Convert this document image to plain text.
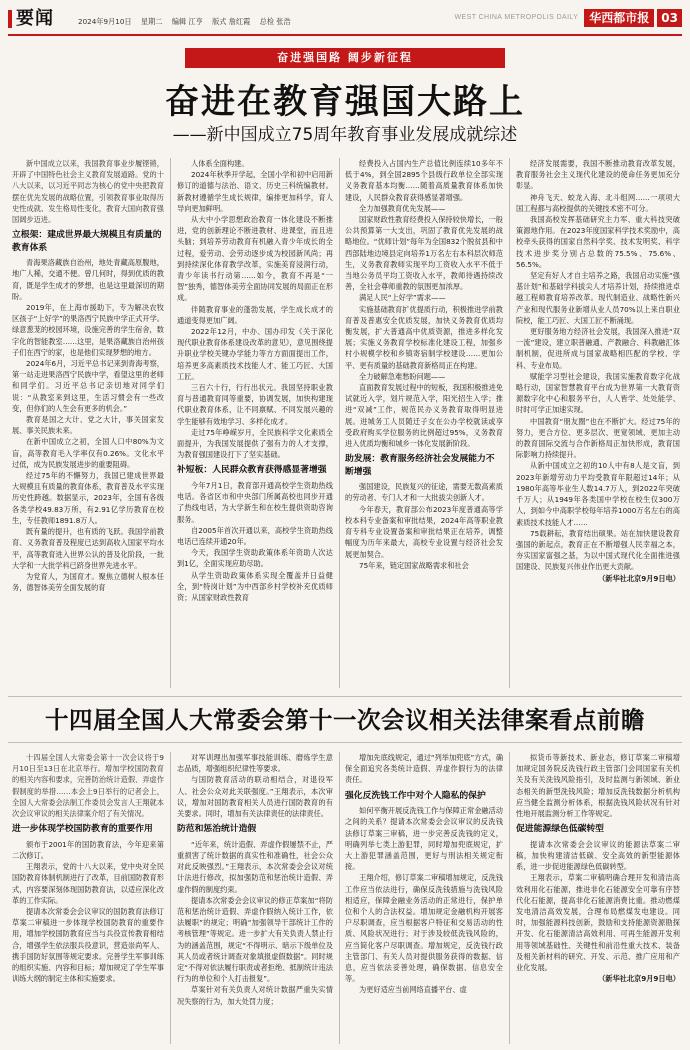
要闻	2024年9月10日 星期二 编辑 江亨 版式 詹红霞 总检 张浩	WEST CHINA METROPOLIS DAILY 华西都市报	03
奋进强国路 阔步新征程
奋进在教育强国大路上
——新中国成立75周年教育事业发展成就综述

新中国成立以来，我国教育事业步履铿锵，开辟了中国特色社会主义教育发展道路。党的十八大以来，以习近平同志为核心的党中央把教育摆在优先发展的战略位置，引领教育事业取得历史性成就、发生格局性变化，教育大国向教育强国阔步迈进。

立根架：建成世界最大规模且有质量的教育体系

青海果洛藏族自治州，地处青藏高原腹地，地广人稀，交通不便。曾几何时，得到优质的教育，既是学生成才的梦想，也是这里最深切的期盼。

2019年，在上海市援助下，专为解决农牧区孩子“上好学”的果洛西宁民族中学正式开学。绿意葱茏的校园环境，设施完善的学生宿舍，数字化的智能教室……这里，是果洛藏族自治州孩子们在西宁的家，也是他们实现梦想的地方。

2024年6月，习近平总书记来到青海考察，第一站走进果洛西宁民族中学，看望这里的老师和同学们。习近平总书记亲切地对同学们说：“从教室来到这里，生活习惯会有一些改变，但你们的人生会有更多的机会。”

教育是国之大计、党之大计，事关国家发展、事关民族未来。

在新中国成立之初，全国人口中80%为文盲，高等教育毛入学率仅有0.26%。文化水平过低，成为民族发展进步的重要阻碍。

经过75年的不懈努力，我国已建成世界最大规模且有质量的教育体系，教育普及水平实现历史性跨越。数据显示，2023年，全国有各级各类学校49.83万所，有2.91亿学历教育在校生，专任教师1891.8万人。

既有量的提升，也有质的飞跃。我国学前教育、义务教育普及程度已达到高收入国家平均水平，高等教育进入世界公认的普及化阶段，一批大学和一大批学科已跻身世界先进水平。

为党育人，为国育才。聚焦立德树人根本任务，德智体美劳全面发展的育

人体系全面构建。

2024年秋季开学起，全国小学和初中启用新修订的道德与法治、语文、历史三科统编教材。新教材遵循学生成长规律，编排更加科学，育人导向更加鲜明。

从大中小学思想政治教育一体化建设不断推进，党的创新理论不断进教材、进课堂，而且进头脑；到培养劳动教育有机融入青少年成长的全过程，爱劳动、会劳动逐步成为校园新风尚；再到持续深化体育教学改革，实施美育浸润行动，青少年读书行动第……如今，教育不再是“一智”独秀，德智体美劳全面协同发展的局面正在形成。

伴随教育事业的蓬勃发展，学生成长成才的通道变得更加广阔。

2022年12月，中办、国办印发《关于深化现代职业教育体系建设改革的意见》，意见围绕提升职业学校关键办学能力等方方面面提出工作，培养更多高素质技术技能人才、能工巧匠、大国工匠。

三百六十行，行行出状元。我国坚持职业教育与普通教育同等重要，协调发展，加快构建现代职业教育体系，让不同禀赋、不同发展兴趣的学生能够有效地学习、多样化成才。

走过75年峥嵘岁月，全民族科学文化素质全面提升，为我国发展提供了强有力的人才支撑，为教育强国建设打下了坚实基础。

补短板：人民群众教育获得感显著增强

今年7月1日，教育部开通高校学生资助热线电话。各省区市和中央部门所属高校也同步开通了热线电话，为大学新生和在校生提供资助咨询服务。

自2005年首次开通以来，高校学生资助热线电话已连续开通20年。

今天，我国学生资助政策体系年资助人次达到1亿，全面实现应助尽助。

从学生资助政策体系实现全覆盖并日益健全，到“特岗计划”为中西部乡村学校补充优质师资；从国家财政性教育

经费投入占国内生产总值比例连续10多年不低于4%，到全国2895个县级行政单位全部实现义务教育基本均衡……随着高质量教育体系加快建设，人民群众教育获得感显著增强。

全力加强教育优先发展——

国家财政性教育经费投入保持较快增长，一般公共预算第一大支出，巩固了教育优先发展的战略地位。“优师计划”每年为全国832个脱贫县和中西部陆地边境县定向培养1万名左右本科层次师范生，义务教育教师实现平均工资收入水平不低于当地公务员平均工资收入水平，教师待遇持续改善，全社会尊师重教的氛围更加浓厚。

满足人民“上好学”需求——

实施基础教育扩优提质行动，积极推进学前教育普及普惠安全优质发展，加快义务教育优质均衡发展，扩大普通高中优质资源，推进多样化发展；实施义务教育学校标准化建设工程，加强乡村小规模学校和乡镇寄宿制学校建设……更加公平、更有质量的基础教育新格局正在构建。

全力破解急难愁盼问题——

直面教育发展过程中的短板，我国积极推进免试就近入学，划片规范入学，阳光招生入学；推进“双减”工作，规范民办义务教育取得明显进展。进城务工人员随迁子女在公办学校就读或享受政府购买学位服务的比例超过95%，义务教育进入优质均衡和城乡一体化发展新阶段。

助发展：教育服务经济社会发展能力不断增强

强国建设，民族复兴的征途，需要无数高素质的劳动者、专门人才和一大批拔尖创新人才。

今年春天，教育部公布2023年度普通高等学校本科专业备案和审批结果，2024年高等职业教育专科专业设置备案和审批结果正在培养，调整幅度为历年来最大，高校专业设置与经济社会发展更加契合。

75年来，链定国家战略需求和社会

经济发展需要，我国不断推动教育改革发展，教育服务社会主义现代化建设的使命任务更加充分彰显。

神舟飞天、蛟龙入海、北斗组网……一项项大国工程都与高校提供的关键技术密不可分。

我国高校发挥基础研究主力军、重大科技突破策源地作用。在2023年度国家科学技术奖励中，高校牵头获得的国家自然科学奖、技术发明奖、科学技术进步奖分别占总数的75.5%、75.6%、56.5%。

坚定有好人才自主培养之路，我国启动实施“强基计划”和基础学科拔尖人才培养计划，持续推进卓越工程师教育培养改革。现代制造业、战略性新兴产业和现代服务业新增从业人员70%以上来自职业院校，能工巧匠、大国工匠不断涌现。

更好服务地方经济社会发展，我国深入推进“双一流”建设，建立职普融通、产教融合、科教融汇体制机制，促进所成与国家战略相匹配的学校、学科、专业布局。

赋能学习型社会建设，我国实施教育数字化战略行动，国家智慧教育平台成为世界第一大教育资源数字化中心和服务平台，人人皆学、处处能学、时时可学正加速实现。

中国教育“朋友圈”也在不断扩大。经过75年的努力，更合方位、更多层次、更宽领域、更加主动的教育国际交流与合作新格局正加快形成，教育国际影响力持续提升。

从新中国成立之初的10人中有8人是文盲，到2023年新增劳动力平均受教育年限超过14年；从1980年高等毕业生人数14.7万人，到2022年突破千万人；从1949年各类国中学校在校生仅300万人，到如今中高职学校每年培养1000万名左右的高素质技术技能人才……

75载耕耘，教育结出硕果。站在加快建设教育强国的新起点，教育正在不断增强人民幸福之本，夯实国家富强之基，为以中国式现代化全面推进强国建设、民族复兴伟业作出更大贡献。

（新华社北京9月9日电）

十四届全国人大常委会第十一次会议相关法律案看点前瞻

十四届全国人大常委会第十一次会议将于9月10日至13日在北京举行。增加学校国防教育的相关内容和要求，完善防治统计造假、弄虚作假制度的举措……本会上9日举行的记者会上，全国人大常委会法制工作委员会发言人王翔就本次会议审议的相关法律案介绍了有关情况。

进一步体现学校国防教育的重要作用

颁布于2001年的国防教育法，今年迎来第二次修订。

王翔表示，党的十八大以来，党中央对全民国防教育体制机制进行了改革，目前国防教育形式，内容要深刻体现国防教育法，以适应深化改革的工作实际。

提请本次常委会会议审议的国防教育法修订草案二审稿进一步体现学校国防教育的重要作用，增加学校国防教育应当与兵役宣传教育相结合，增强学生依法服兵役意识，营造崇尚军人、携手国防好氛围等规定要求。完善学生军事训练的组织实施、内容和目标；增加规定了学生军事训练大纲的制定主体和实施要求。

对军训理出加强军事技能训练、磨炼学生意志品质，增强组织纪律性等要求。

与国防教育活动的联动相结合，对退役军人、社会公众对此关联强度。”王翔表示，本次审议，增加对国防教育相关人员进行国防教育的有关要求。同时，增加有关法律责任的法律责任。

防范和惩治统计造假

“近年来，统计造假、弄虚作假屡禁不止，严重损害了统计数据的真实性和准确性，社会公众对此反映强烈。”王翔表示，本次常委会会议对统计法进行修改，拟加强防范和惩治统计造假、弄虚作假的制度约束。

提请本次常委会会议审议的修正草案加“将防范和惩治统计造假、弄虚作假纳入统计工作，依法履职”的规定；明确“加强领导干部统计工作的考核管理”等规定。进一步扩大有关负责人禁止行为的涵盖范围，规定“不得明示、暗示下级单位及其人员或者统计调查对象填报虚假数据”。同时规定“不得对依法履行职责或者拒绝、抵制统计违法行为的单位和个人打击报复”。

草案针对有关负责人对统计数据严重失实情况失察的行为，加大处罚力度；

增加先底线规定，通过“列举加兜底”方式，确保全面追究各类统计造假、弄虚作假行为的法律责任。

强化反洗钱工作中对个人隐私的保护

如何平衡开展反洗钱工作与保障正常金融活动之间的关系？提请本次常委会会议审议的反洗钱法修订草案三审稿，进一步完善反洗钱的定义，明确列举七类上游犯罪，同时增加兜底规定，扩大上游犯罪涵盖范围，更好与刑法相关规定衔接。

王翔介绍，修订草案二审稿增加规定，反洗钱工作应当依法进行，确保反洗钱措施与洗钱风险相适应，保障金融业务活动的正常进行，保护单位和个人的合法权益。增加规定金融机构开展客户尽职调查，应当根据客户特征和交易活动的性质、风险状况进行；对于涉及较低洗钱风险的，应当简化客户尽职调查。增加规定，反洗钱行政主管部门、有关人员对提供服务获得的数据、信息，应当依法妥善处理，确保数据、信息安全等。

为更好适应当前网络直播平台、虚

拟货币等新技术、新业态，修订草案二审稿增加规定国务院反洗钱行政主管部门会同国家有关机关及有关洗钱风险指引，及时监测与新领域、新业态相关的新型洗钱风险；增加反洗钱数据分析机构应当健全监测分析体系，根据洗钱风险状况有针对性地开展监测分析工作等规定。

促进能源绿色低碳转型

提请本次常委会会议审议的能源法草案二审稿，加快构建清洁低碳、安全高效的新型能源体系，进一步促进能源绿色低碳转型。

王翔表示，草案二审稿明确合理开发和清洁高效利用化石能源，推进非化石能源安全可靠有序替代化石能源，提高非化石能源消费比重。推动燃煤发电清洁高效发展，合理布局燃煤发电建设。同时，加强能源科技创新，鼓励和支持能源资源勘探开发、化石能源清洁高效利用、可再生能源开发利用等领域基础性、关键性和前沿性重大技术、装备及相关新材料的研究、开发、示范、推广应用和产业化发展。

（新华社北京9月9日电）
